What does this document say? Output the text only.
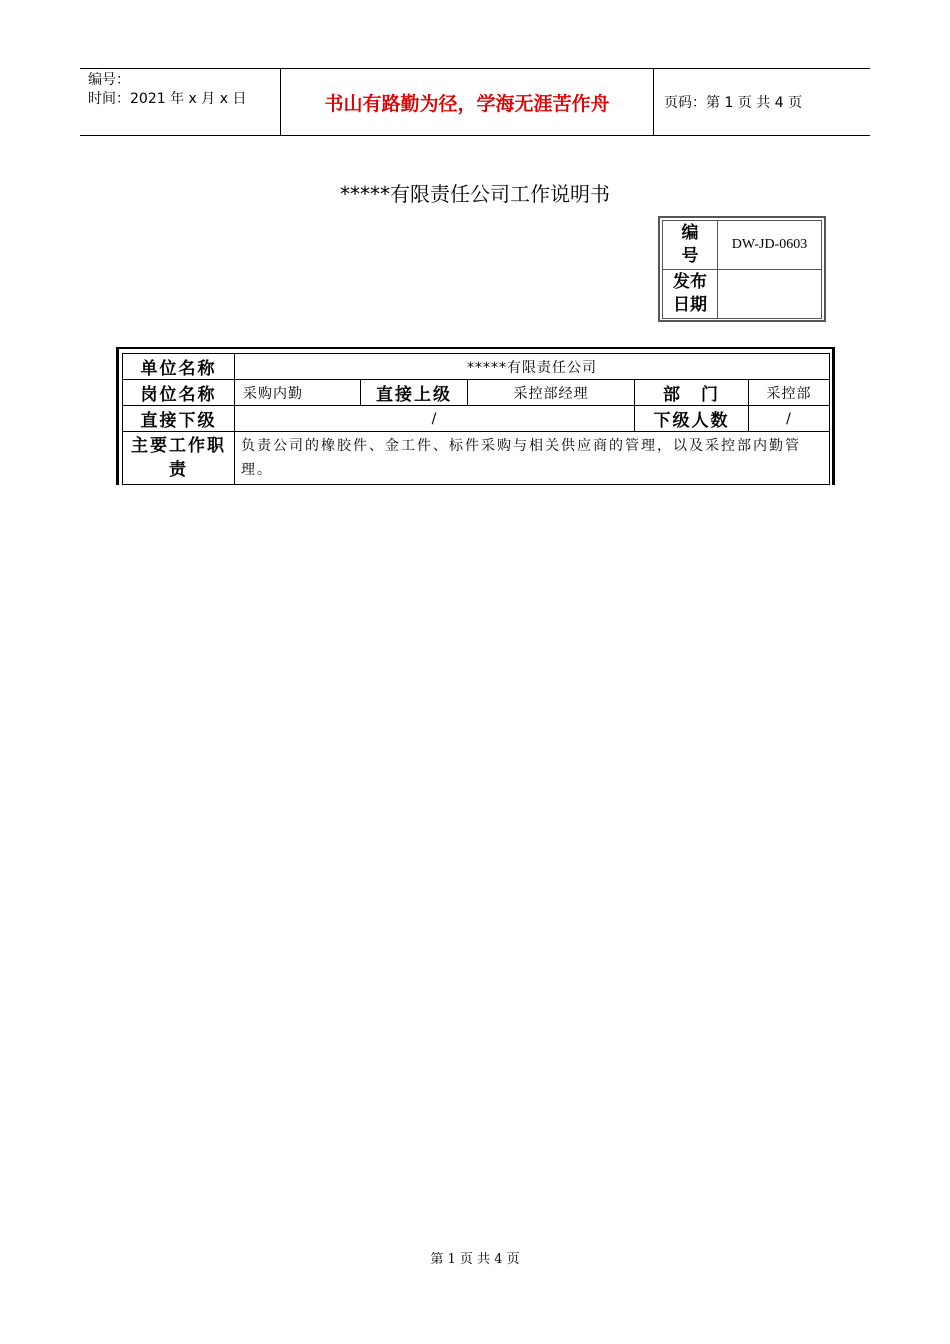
编号：
时间：2021 年 x 月 x 日	书山有路勤为径，学海无涯苦作舟	页码：第 1 页 共 4 页
*****有限责任公司工作说明书
编
号	DW-JD-0603

发布
日期	

单位名称	*****有限责任公司				
岗位名称	采购内勤	直接上级	采控部经理	部　门	采控部
直接下级	/			下级人数	/
主要工作职责	负责公司的橡胶件、金工件、标件采购与相关供应商的管理，以及采控部内勤管理。				
第 1 页 共 4 页
